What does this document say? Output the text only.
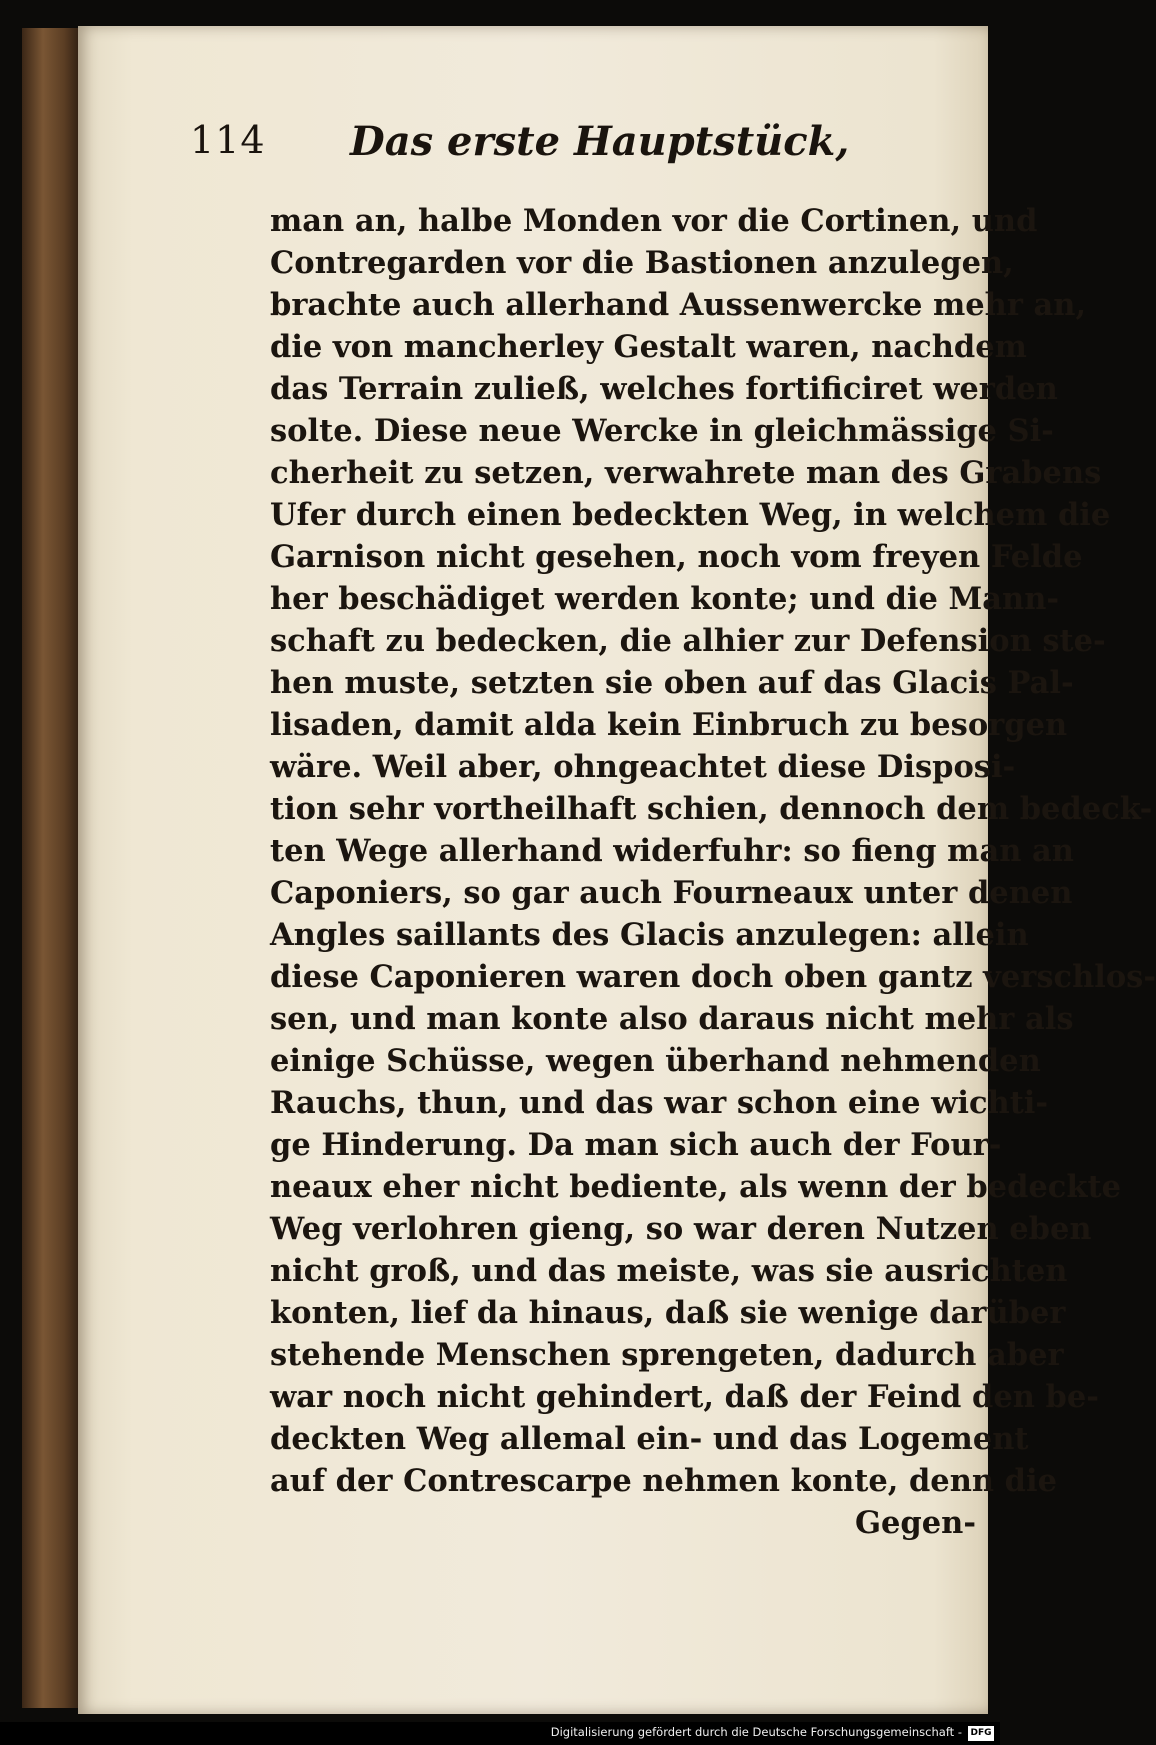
114 Das erste Hauptstück,
man an, halbe Monden vor die Cortinen, und
Contregarden vor die Bastionen anzulegen,
brachte auch allerhand Aussenwercke mehr an,
die von mancherley Gestalt waren, nachdem
das Terrain zuließ, welches fortificiret werden
solte. Diese neue Wercke in gleichmässige Si-
cherheit zu setzen, verwahrete man des Grabens
Ufer durch einen bedeckten Weg, in welchem die
Garnison nicht gesehen, noch vom freyen Felde
her beschädiget werden konte; und die Mann-
schaft zu bedecken, die alhier zur Defension ste-
hen muste, setzten sie oben auf das Glacis Pal-
lisaden, damit alda kein Einbruch zu besorgen
wäre. Weil aber, ohngeachtet diese Disposi-
tion sehr vortheilhaft schien, dennoch dem bedeck-
ten Wege allerhand widerfuhr: so fieng man an
Caponiers, so gar auch Fourneaux unter denen
Angles saillants des Glacis anzulegen: allein
diese Caponieren waren doch oben gantz verschlos-
sen, und man konte also daraus nicht mehr als
einige Schüsse, wegen überhand nehmenden
Rauchs, thun, und das war schon eine wichti-
ge Hinderung. Da man sich auch der Four-
neaux eher nicht bediente, als wenn der bedeckte
Weg verlohren gieng, so war deren Nutzen eben
nicht groß, und das meiste, was sie ausrichten
konten, lief da hinaus, daß sie wenige darüber
stehende Menschen sprengeten, dadurch aber
war noch nicht gehindert, daß der Feind den be-
deckten Weg allemal ein- und das Logement
auf der Contrescarpe nehmen konte, denn die
Gegen-
Digitalisierung gefördert durch die Deutsche Forschungsgemeinschaft - DFG
